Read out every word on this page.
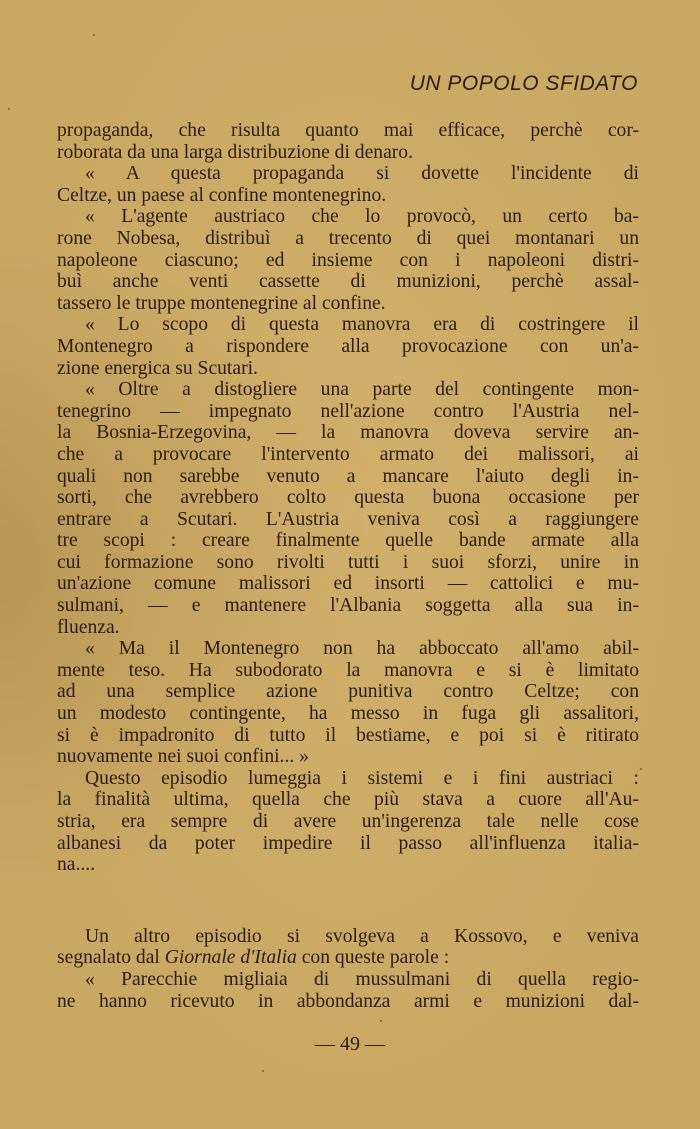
UN POPOLO SFIDATO

propaganda, che risulta quanto mai efficace, perchè cor-
roborata da una larga distribuzione di denaro.

« A questa propaganda si dovette l'incidente di
Celtze, un paese al confine montenegrino.

« L'agente austriaco che lo provocò, un certo ba-
rone Nobesa, distribuì a trecento di quei montanari un
napoleone ciascuno; ed insieme con i napoleoni distri-
buì anche venti cassette di munizioni, perchè assal-
tassero le truppe montenegrine al confine.

« Lo scopo di questa manovra era di costringere il
Montenegro a rispondere alla provocazione con un'a-
zione energica su Scutari.

« Oltre a distogliere una parte del contingente mon-
tenegrino — impegnato nell'azione contro l'Austria nel-
la Bosnia-Erzegovina, — la manovra doveva servire an-
che a provocare l'intervento armato dei malissori, ai
quali non sarebbe venuto a mancare l'aiuto degli in-
sorti, che avrebbero colto questa buona occasione per
entrare a Scutari. L'Austria veniva così a raggiungere
tre scopi : creare finalmente quelle bande armate alla
cui formazione sono rivolti tutti i suoi sforzi, unire in
un'azione comune malissori ed insorti — cattolici e mu-
sulmani, — e mantenere l'Albania soggetta alla sua in-
fluenza.

« Ma il Montenegro non ha abboccato all'amo abil-
mente teso. Ha subodorato la manovra e si è limitato
ad una semplice azione punitiva contro Celtze; con
un modesto contingente, ha messo in fuga gli assalitori,
si è impadronito di tutto il bestiame, e poi si è ritirato
nuovamente nei suoi confini... »

Questo episodio lumeggia i sistemi e i fini austriaci :
la finalità ultima, quella che più stava a cuore all'Au-
stria, era sempre di avere un'ingerenza tale nelle cose
albanesi da poter impedire il passo all'influenza italia-
na....

Un altro episodio si svolgeva a Kossovo, e veniva
segnalato dal Giornale d'Italia con queste parole :

« Parecchie migliaia di mussulmani di quella regio-
ne hanno ricevuto in abbondanza armi e munizioni dal-

— 49 —
